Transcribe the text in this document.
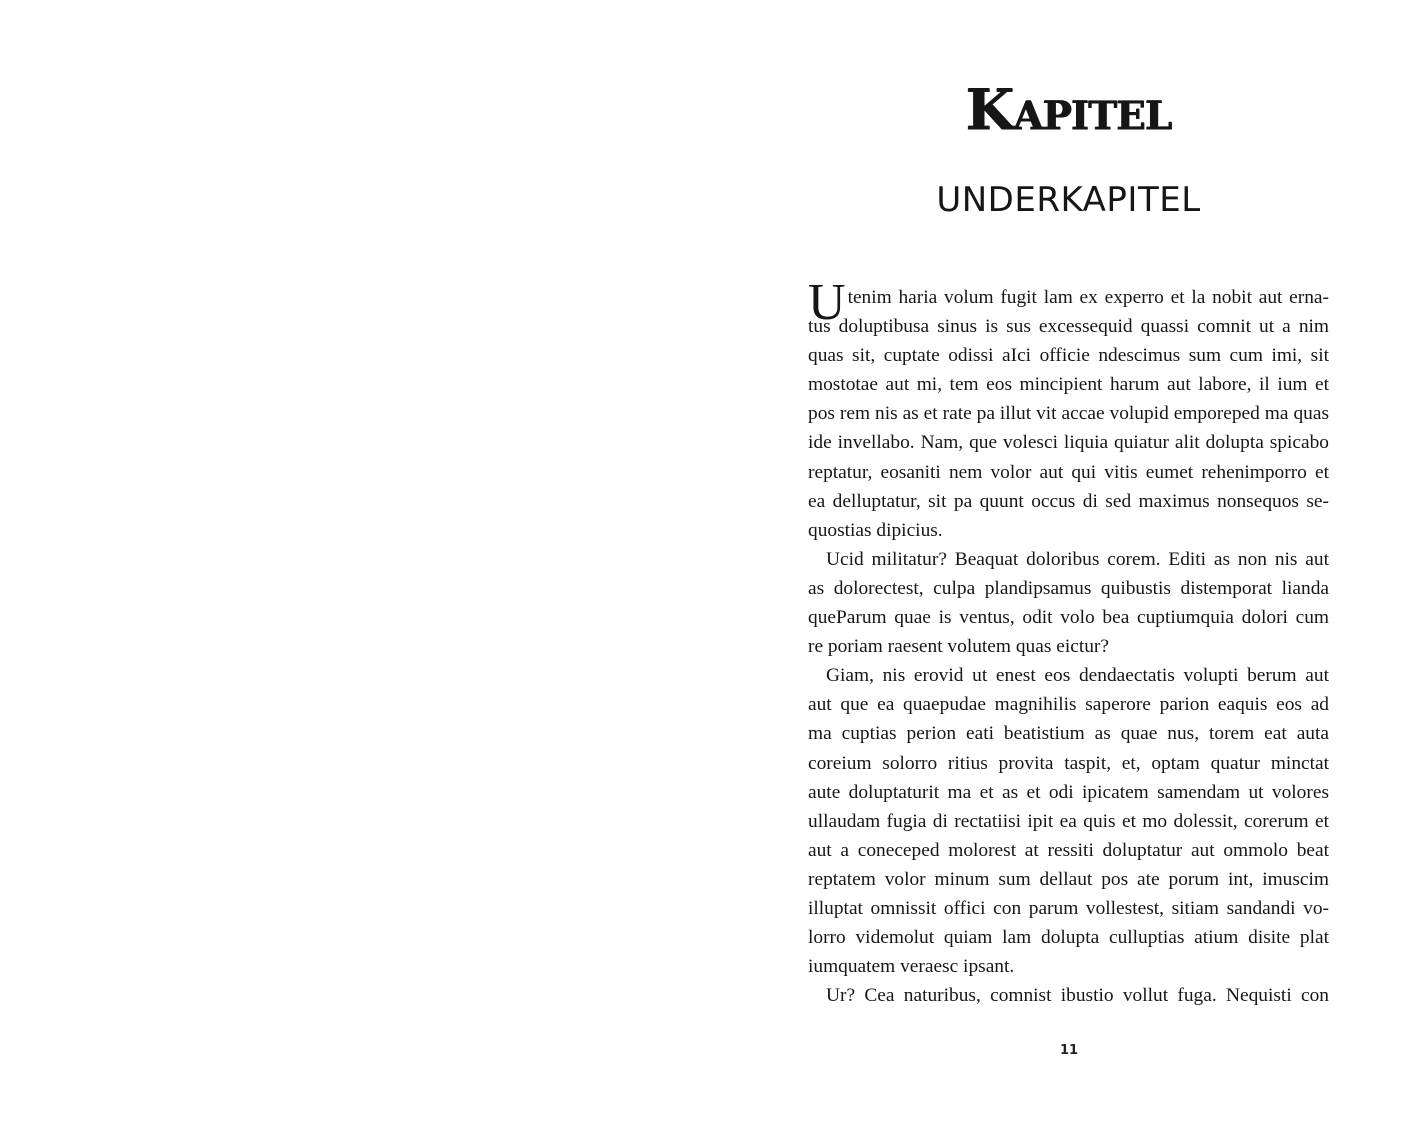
Kapitel
UNDERKAPITEL

Utenim haria volum fugit lam ex experro et la nobit aut erna-
tus doluptibusa sinus is sus excessequid quassi comnit ut a nim
quas sit, cuptate odissi aIci officie ndescimus sum cum imi, sit
mostotae aut mi, tem eos mincipient harum aut labore, il ium et
pos rem nis as et rate pa illut vit accae volupid emporeped ma quas
ide invellabo. Nam, que volesci liquia quiatur alit dolupta spicabo
reptatur, eosaniti nem volor aut qui vitis eumet rehenimporro et
ea delluptatur, sit pa quunt occus di sed maximus nonsequos se-
quostias dipicius.

Ucid militatur? Beaquat doloribus corem. Editi as non nis aut
as dolorectest, culpa plandipsamus quibustis distemporat lianda
queParum quae is ventus, odit volo bea cuptiumquia dolori cum
re poriam raesent volutem quas eictur?

Giam, nis erovid ut enest eos dendaectatis volupti berum aut
aut que ea quaepudae magnihilis saperore parion eaquis eos ad
ma cuptias perion eati beatistium as quae nus, torem eat auta
coreium solorro ritius provita taspit, et, optam quatur minctat
aute doluptaturit ma et as et odi ipicatem samendam ut volores
ullaudam fugia di rectatiisi ipit ea quis et mo dolessit, corerum et
aut a coneceped molorest at ressiti doluptatur aut ommolo beat
reptatem volor minum sum dellaut pos ate porum int, imuscim
illuptat omnissit offici con parum vollestest, sitiam sandandi vo-
lorro videmolut quiam lam dolupta culluptias atium disite plat
iumquatem veraesc ipsant.

Ur? Cea naturibus, comnist ibustio vollut fuga. Nequisti con

11
